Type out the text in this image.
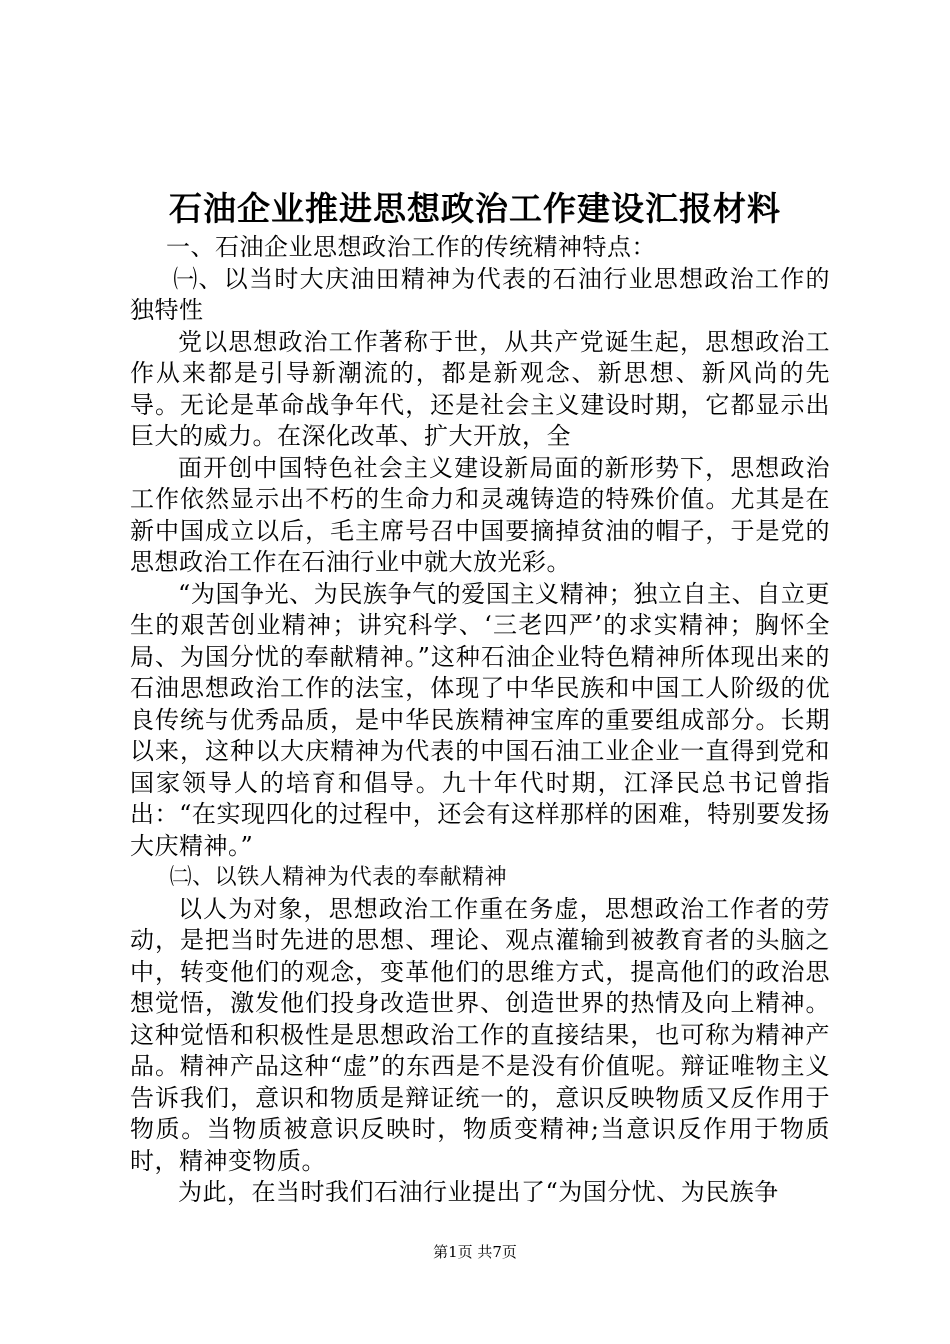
石油企业推进思想政治工作建设汇报材料

一、石油企业思想政治工作的传统精神特点：

㈠、以当时大庆油田精神为代表的石油行业思想政治工作的独特性

党以思想政治工作著称于世，从共产党诞生起，思想政治工作从来都是引导新潮流的，都是新观念、新思想、新风尚的先导。无论是革命战争年代，还是社会主义建设时期，它都显示出巨大的威力。在深化改革、扩大开放，全

面开创中国特色社会主义建设新局面的新形势下，思想政治工作依然显示出不朽的生命力和灵魂铸造的特殊价值。尤其是在新中国成立以后，毛主席号召中国要摘掉贫油的帽子，于是党的思想政治工作在石油行业中就大放光彩。

“为国争光、为民族争气的爱国主义精神；独立自主、自立更生的艰苦创业精神；讲究科学、‘三老四严’的求实精神；胸怀全局、为国分忧的奉献精神。”这种石油企业特色精神所体现出来的石油思想政治工作的法宝，体现了中华民族和中国工人阶级的优良传统与优秀品质，是中华民族精神宝库的重要组成部分。长期以来，这种以大庆精神为代表的中国石油工业企业一直得到党和国家领导人的培育和倡导。九十年代时期，江泽民总书记曾指出：“在实现四化的过程中，还会有这样那样的困难，特别要发扬大庆精神。”

㈡、以铁人精神为代表的奉献精神

以人为对象，思想政治工作重在务虚，思想政治工作者的劳动，是把当时先进的思想、理论、观点灌输到被教育者的头脑之中，转变他们的观念，变革他们的思维方式，提高他们的政治思想觉悟，激发他们投身改造世界、创造世界的热情及向上精神。这种觉悟和积极性是思想政治工作的直接结果，也可称为精神产品。精神产品这种“虚”的东西是不是没有价值呢。辩证唯物主义告诉我们，意识和物质是辩证统一的，意识反映物质又反作用于物质。当物质被意识反映时，物质变精神;当意识反作用于物质时，精神变物质。

为此，在当时我们石油行业提出了“为国分忧、为民族争

第1页 共7页
